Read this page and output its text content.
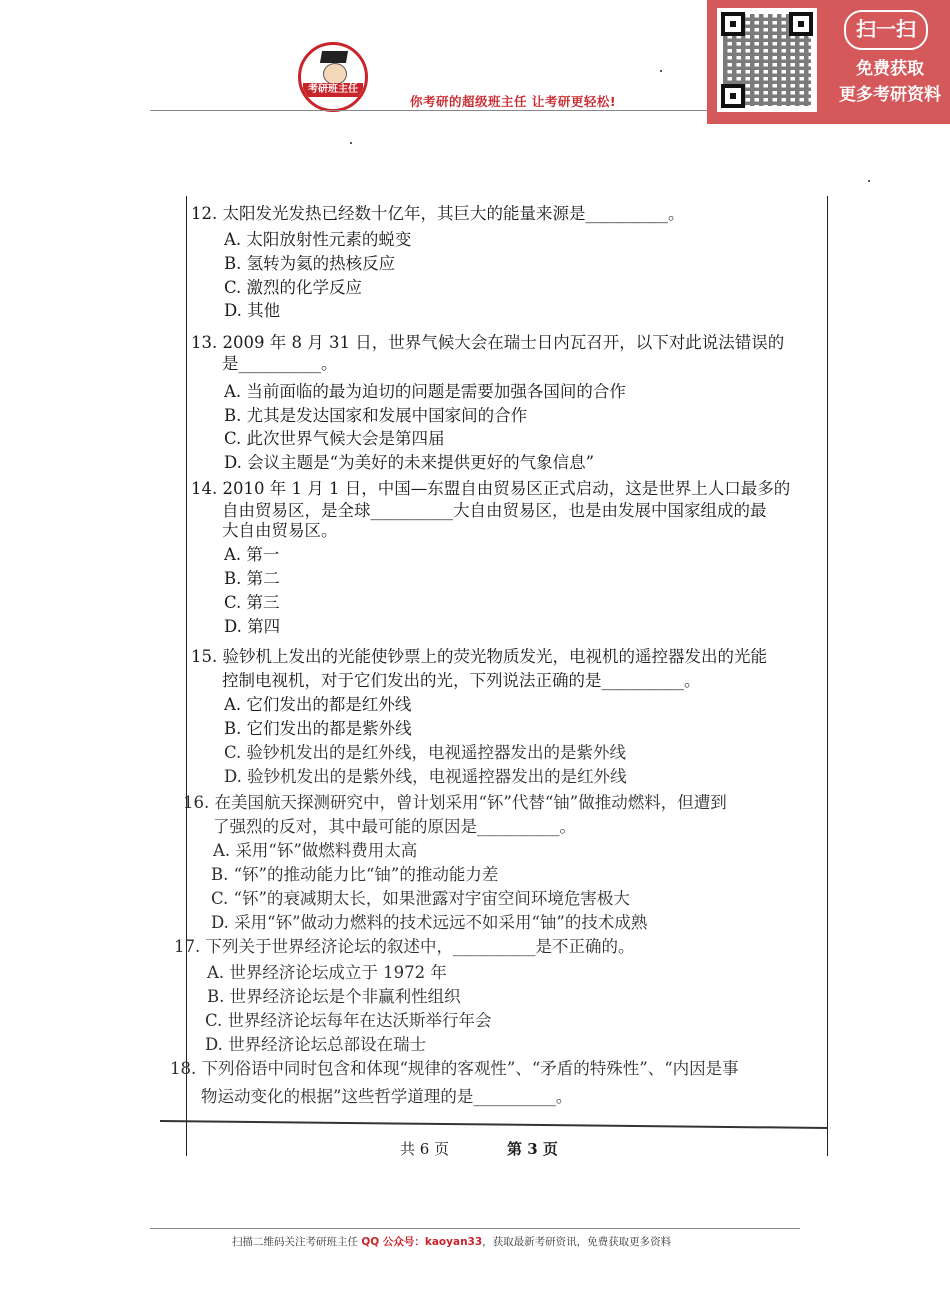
考研班主任
你考研的超级班主任 让考研更轻松!
扫一扫
免费获取
更多考研资料
12. 太阳发光发热已经数十亿年，其巨大的能量来源是__________。
A. 太阳放射性元素的蜕变
B. 氢转为氦的热核反应
C. 激烈的化学反应
D. 其他
13. 2009 年 8 月 31 日，世界气候大会在瑞士日内瓦召开，以下对此说法错误的
是__________。
A. 当前面临的最为迫切的问题是需要加强各国间的合作
B. 尤其是发达国家和发展中国家间的合作
C. 此次世界气候大会是第四届
D. 会议主题是“为美好的未来提供更好的气象信息”
14. 2010 年 1 月 1 日，中国—东盟自由贸易区正式启动，这是世界上人口最多的
自由贸易区，是全球__________大自由贸易区，也是由发展中国家组成的最
大自由贸易区。
A. 第一
B. 第二
C. 第三
D. 第四
15. 验钞机上发出的光能使钞票上的荧光物质发光，电视机的遥控器发出的光能
控制电视机，对于它们发出的光，下列说法正确的是__________。
A. 它们发出的都是红外线
B. 它们发出的都是紫外线
C. 验钞机发出的是红外线，电视遥控器发出的是紫外线
D. 验钞机发出的是紫外线，电视遥控器发出的是红外线
16. 在美国航天探测研究中，曾计划采用“钚”代替“铀”做推动燃料，但遭到
了强烈的反对，其中最可能的原因是__________。
A. 采用“钚”做燃料费用太高
B. “钚”的推动能力比“铀”的推动能力差
C. “钚”的衰减期太长，如果泄露对宇宙空间环境危害极大
D. 采用“钚”做动力燃料的技术远远不如采用“铀”的技术成熟
17. 下列关于世界经济论坛的叙述中，__________是不正确的。
A. 世界经济论坛成立于 1972 年
B. 世界经济论坛是个非赢利性组织
C. 世界经济论坛每年在达沃斯举行年会
D. 世界经济论坛总部设在瑞士
18. 下列俗语中同时包含和体现“规律的客观性”、“矛盾的特殊性”、“内因是事
物运动变化的根据”这些哲学道理的是__________。
共 6 页	第 3 页
扫描二维码关注考研班主任 QQ 公众号：kaoyan33，获取最新考研资讯，免费获取更多资料
